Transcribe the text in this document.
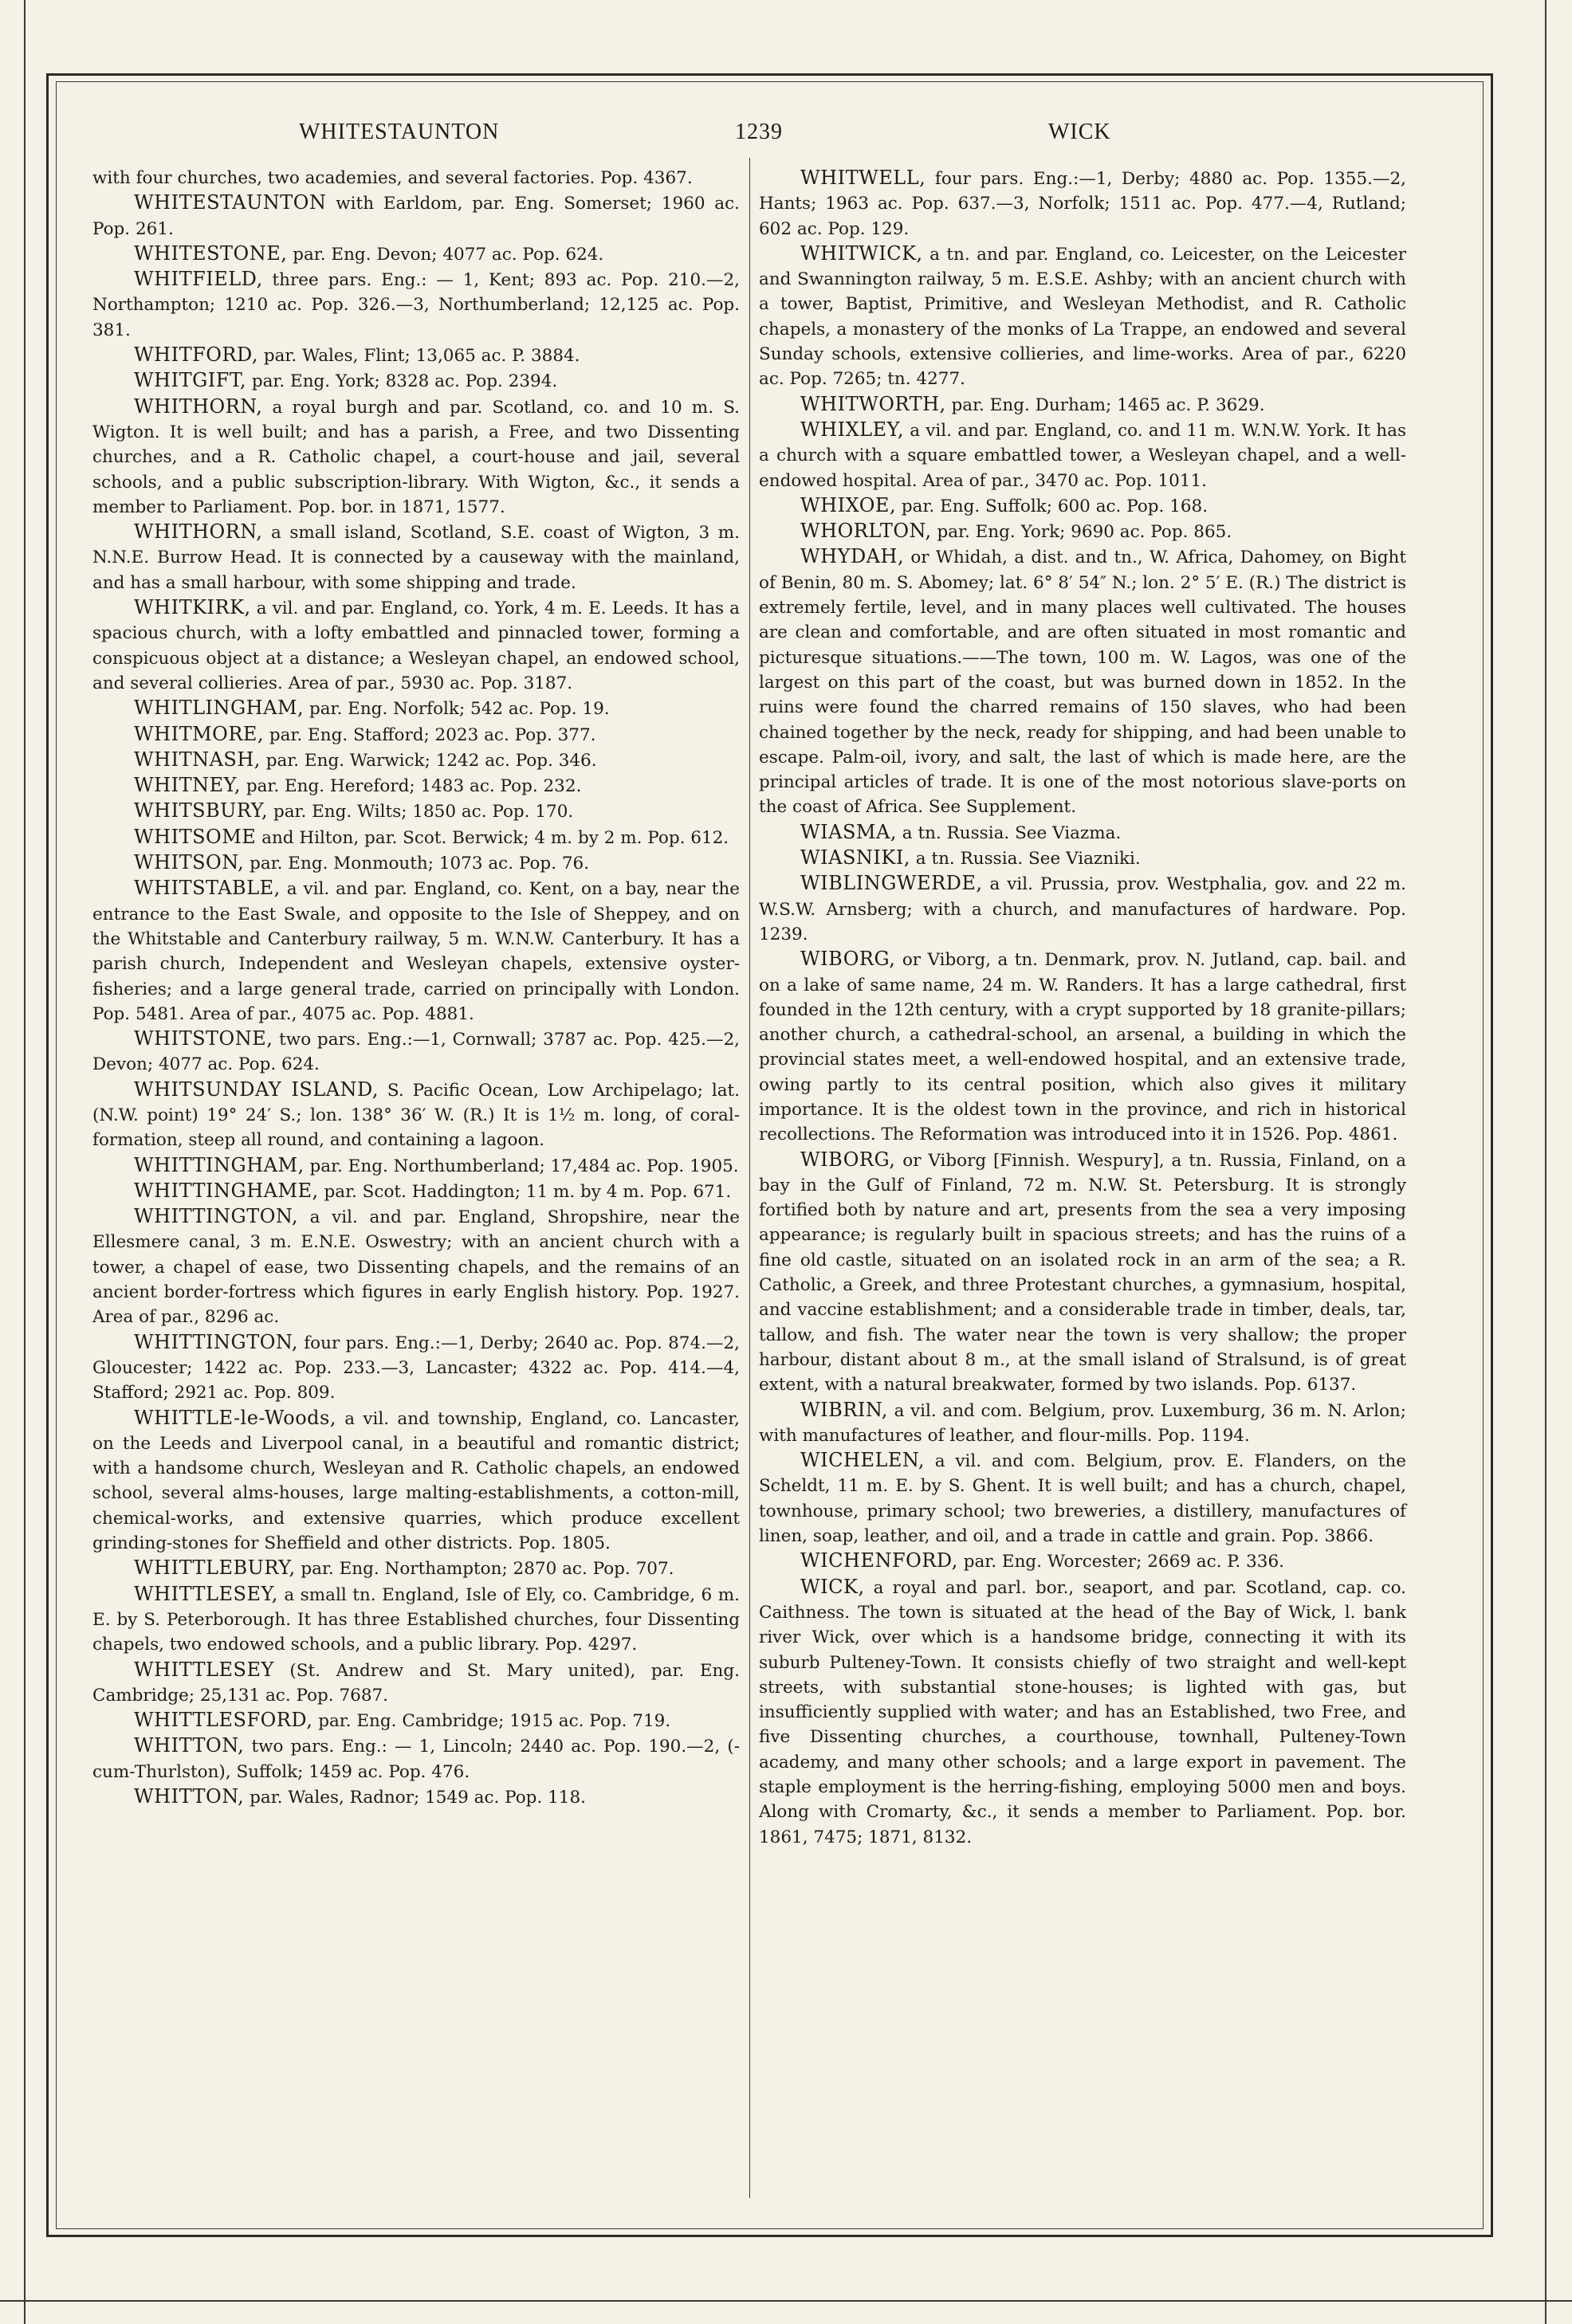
WHITESTAUNTON	1239	WICK

with four churches, two academies, and several factories. Pop. 4367.

WHITESTAUNTON with Earldom, par. Eng. Somerset; 1960 ac. Pop. 261.

WHITESTONE, par. Eng. Devon; 4077 ac. Pop. 624.

WHITFIELD, three pars. Eng.: — 1, Kent; 893 ac. Pop. 210.—2, Northampton; 1210 ac. Pop. 326.—3, Northumberland; 12,125 ac. Pop. 381.

WHITFORD, par. Wales, Flint; 13,065 ac. P. 3884.

WHITGIFT, par. Eng. York; 8328 ac. Pop. 2394.

WHITHORN, a royal burgh and par. Scotland, co. and 10 m. S. Wigton. It is well built; and has a parish, a Free, and two Dissenting churches, and a R. Catholic chapel, a court-house and jail, several schools, and a public subscription-library. With Wigton, &c., it sends a member to Parliament. Pop. bor. in 1871, 1577.

WHITHORN, a small island, Scotland, S.E. coast of Wigton, 3 m. N.N.E. Burrow Head. It is connected by a causeway with the mainland, and has a small harbour, with some shipping and trade.

WHITKIRK, a vil. and par. England, co. York, 4 m. E. Leeds. It has a spacious church, with a lofty embattled and pinnacled tower, forming a conspicuous object at a distance; a Wesleyan chapel, an endowed school, and several collieries. Area of par., 5930 ac. Pop. 3187.

WHITLINGHAM, par. Eng. Norfolk; 542 ac. Pop. 19.

WHITMORE, par. Eng. Stafford; 2023 ac. Pop. 377.

WHITNASH, par. Eng. Warwick; 1242 ac. Pop. 346.

WHITNEY, par. Eng. Hereford; 1483 ac. Pop. 232.

WHITSBURY, par. Eng. Wilts; 1850 ac. Pop. 170.

WHITSOME and Hilton, par. Scot. Berwick; 4 m. by 2 m. Pop. 612.

WHITSON, par. Eng. Monmouth; 1073 ac. Pop. 76.

WHITSTABLE, a vil. and par. England, co. Kent, on a bay, near the entrance to the East Swale, and opposite to the Isle of Sheppey, and on the Whitstable and Canterbury railway, 5 m. W.N.W. Canterbury. It has a parish church, Independent and Wesleyan chapels, extensive oyster-fisheries; and a large general trade, carried on principally with London. Pop. 5481. Area of par., 4075 ac. Pop. 4881.

WHITSTONE, two pars. Eng.:—1, Cornwall; 3787 ac. Pop. 425.—2, Devon; 4077 ac. Pop. 624.

WHITSUNDAY ISLAND, S. Pacific Ocean, Low Archipelago; lat. (N.W. point) 19° 24′ S.; lon. 138° 36′ W. (R.) It is 1½ m. long, of coral-formation, steep all round, and containing a lagoon.

WHITTINGHAM, par. Eng. Northumberland; 17,484 ac. Pop. 1905.

WHITTINGHAME, par. Scot. Haddington; 11 m. by 4 m. Pop. 671.

WHITTINGTON, a vil. and par. England, Shropshire, near the Ellesmere canal, 3 m. E.N.E. Oswestry; with an ancient church with a tower, a chapel of ease, two Dissenting chapels, and the remains of an ancient border-fortress which figures in early English history. Pop. 1927. Area of par., 8296 ac.

WHITTINGTON, four pars. Eng.:—1, Derby; 2640 ac. Pop. 874.—2, Gloucester; 1422 ac. Pop. 233.—3, Lancaster; 4322 ac. Pop. 414.—4, Stafford; 2921 ac. Pop. 809.

WHITTLE-le-Woods, a vil. and township, England, co. Lancaster, on the Leeds and Liverpool canal, in a beautiful and romantic district; with a handsome church, Wesleyan and R. Catholic chapels, an endowed school, several alms-houses, large malting-establishments, a cotton-mill, chemical-works, and extensive quarries, which produce excellent grinding-stones for Sheffield and other districts. Pop. 1805.

WHITTLEBURY, par. Eng. Northampton; 2870 ac. Pop. 707.

WHITTLESEY, a small tn. England, Isle of Ely, co. Cambridge, 6 m. E. by S. Peterborough. It has three Established churches, four Dissenting chapels, two endowed schools, and a public library. Pop. 4297.

WHITTLESEY (St. Andrew and St. Mary united), par. Eng. Cambridge; 25,131 ac. Pop. 7687.

WHITTLESFORD, par. Eng. Cambridge; 1915 ac. Pop. 719.

WHITTON, two pars. Eng.: — 1, Lincoln; 2440 ac. Pop. 190.—2, (-cum-Thurlston), Suffolk; 1459 ac. Pop. 476.

WHITTON, par. Wales, Radnor; 1549 ac. Pop. 118.

WHITWELL, four pars. Eng.:—1, Derby; 4880 ac. Pop. 1355.—2, Hants; 1963 ac. Pop. 637.—3, Norfolk; 1511 ac. Pop. 477.—4, Rutland; 602 ac. Pop. 129.

WHITWICK, a tn. and par. England, co. Leicester, on the Leicester and Swannington railway, 5 m. E.S.E. Ashby; with an ancient church with a tower, Baptist, Primitive, and Wesleyan Methodist, and R. Catholic chapels, a monastery of the monks of La Trappe, an endowed and several Sunday schools, extensive collieries, and lime-works. Area of par., 6220 ac. Pop. 7265; tn. 4277.

WHITWORTH, par. Eng. Durham; 1465 ac. P. 3629.

WHIXLEY, a vil. and par. England, co. and 11 m. W.N.W. York. It has a church with a square embattled tower, a Wesleyan chapel, and a well-endowed hospital. Area of par., 3470 ac. Pop. 1011.

WHIXOE, par. Eng. Suffolk; 600 ac. Pop. 168.

WHORLTON, par. Eng. York; 9690 ac. Pop. 865.

WHYDAH, or Whidah, a dist. and tn., W. Africa, Dahomey, on Bight of Benin, 80 m. S. Abomey; lat. 6° 8′ 54″ N.; lon. 2° 5′ E. (R.) The district is extremely fertile, level, and in many places well cultivated. The houses are clean and comfortable, and are often situated in most romantic and picturesque situations.——The town, 100 m. W. Lagos, was one of the largest on this part of the coast, but was burned down in 1852. In the ruins were found the charred remains of 150 slaves, who had been chained together by the neck, ready for shipping, and had been unable to escape. Palm-oil, ivory, and salt, the last of which is made here, are the principal articles of trade. It is one of the most notorious slave-ports on the coast of Africa. See Supplement.

WIASMA, a tn. Russia. See Viazma.

WIASNIKI, a tn. Russia. See Viazniki.

WIBLINGWERDE, a vil. Prussia, prov. Westphalia, gov. and 22 m. W.S.W. Arnsberg; with a church, and manufactures of hardware. Pop. 1239.

WIBORG, or Viborg, a tn. Denmark, prov. N. Jutland, cap. bail. and on a lake of same name, 24 m. W. Randers. It has a large cathedral, first founded in the 12th century, with a crypt supported by 18 granite-pillars; another church, a cathedral-school, an arsenal, a building in which the provincial states meet, a well-endowed hospital, and an extensive trade, owing partly to its central position, which also gives it military importance. It is the oldest town in the province, and rich in historical recollections. The Reformation was introduced into it in 1526. Pop. 4861.

WIBORG, or Viborg [Finnish. Wespury], a tn. Russia, Finland, on a bay in the Gulf of Finland, 72 m. N.W. St. Petersburg. It is strongly fortified both by nature and art, presents from the sea a very imposing appearance; is regularly built in spacious streets; and has the ruins of a fine old castle, situated on an isolated rock in an arm of the sea; a R. Catholic, a Greek, and three Protestant churches, a gymnasium, hospital, and vaccine establishment; and a considerable trade in timber, deals, tar, tallow, and fish. The water near the town is very shallow; the proper harbour, distant about 8 m., at the small island of Stralsund, is of great extent, with a natural breakwater, formed by two islands. Pop. 6137.

WIBRIN, a vil. and com. Belgium, prov. Luxemburg, 36 m. N. Arlon; with manufactures of leather, and flour-mills. Pop. 1194.

WICHELEN, a vil. and com. Belgium, prov. E. Flanders, on the Scheldt, 11 m. E. by S. Ghent. It is well built; and has a church, chapel, townhouse, primary school; two breweries, a distillery, manufactures of linen, soap, leather, and oil, and a trade in cattle and grain. Pop. 3866.

WICHENFORD, par. Eng. Worcester; 2669 ac. P. 336.

WICK, a royal and parl. bor., seaport, and par. Scotland, cap. co. Caithness. The town is situated at the head of the Bay of Wick, l. bank river Wick, over which is a handsome bridge, connecting it with its suburb Pulteney-Town. It consists chiefly of two straight and well-kept streets, with substantial stone-houses; is lighted with gas, but insufficiently supplied with water; and has an Established, two Free, and five Dissenting churches, a courthouse, townhall, Pulteney-Town academy, and many other schools; and a large export in pavement. The staple employment is the herring-fishing, employing 5000 men and boys. Along with Cromarty, &c., it sends a member to Parliament. Pop. bor. 1861, 7475; 1871, 8132.
